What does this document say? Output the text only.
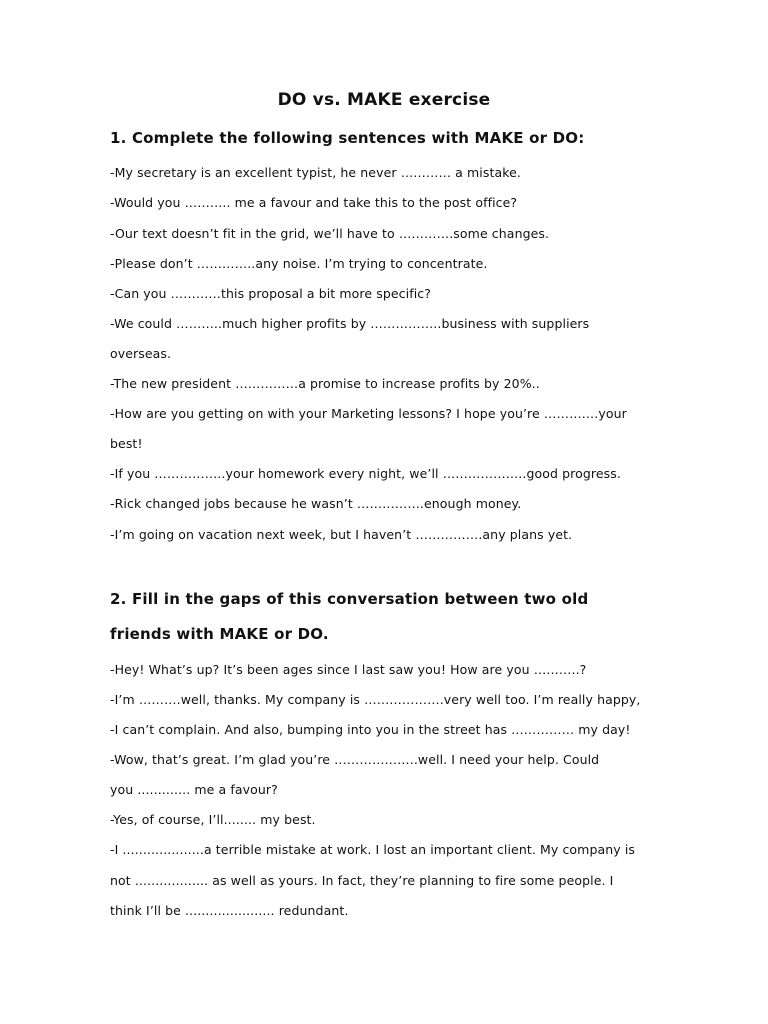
DO vs. MAKE exercise
1. Complete the following sentences with MAKE or DO:
-My secretary is an excellent typist, he never ………… a mistake.
-Would you ……….. me a favour and take this to the post office?
-Our text doesn’t fit in the grid, we’ll have to ………….some changes.
-Please don’t …………..any noise. I’m trying to concentrate.
-Can you …………this proposal a bit more specific?
-We could ………..much higher profits by ……………..business with suppliers
overseas.
-The new president ……………a promise to increase profits by 20%..
-How are you getting on with your Marketing lessons? I hope you’re ………….your
best!
-If you ……………..your homework every night, we’ll ………………..good progress.
-Rick changed jobs because he wasn’t …………….enough money.
-I’m going on vacation next week, but I haven’t …………….any plans yet.
2. Fill in the gaps of this conversation between two old
friends with MAKE or DO.
-Hey! What’s up? It’s been ages since I last saw you! How are you ………..?
-I’m ……….well, thanks. My company is ……………….very well too. I’m really happy,
-I can’t complain. And also, bumping into you in the street has …………… my day!
-Wow, that’s great. I’m glad you’re ………………..well. I need your help. Could
you ............. me a favour?
-Yes, of course, I’ll........ my best.
-I ....................a terrible mistake at work. I lost an important client. My company is
not .................. as well as yours. In fact, they’re planning to fire some people. I
think I’ll be ...................... redundant.
